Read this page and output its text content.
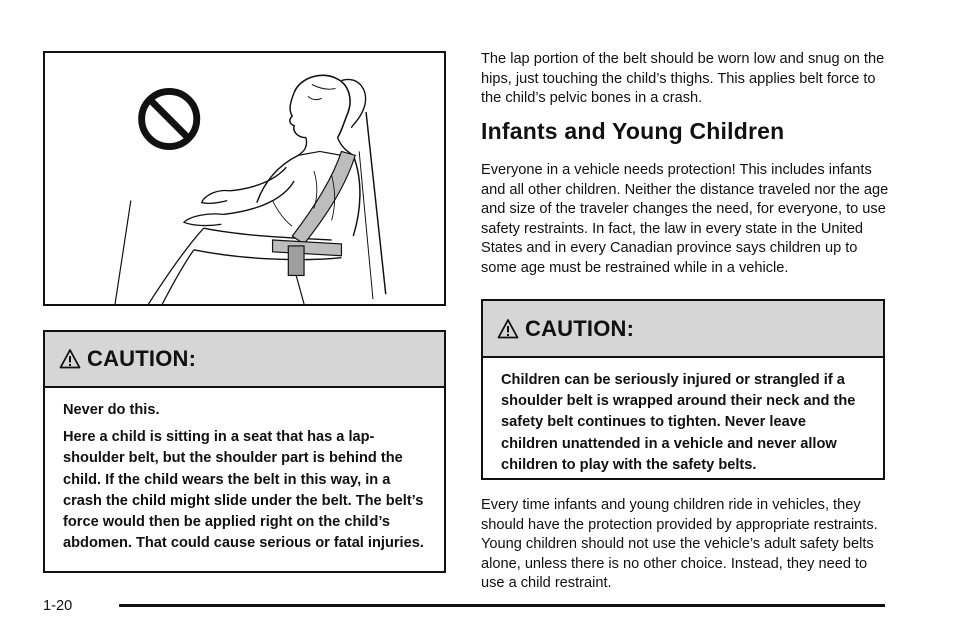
CAUTION:

Never do this.

Here a child is sitting in a seat that has a lap-shoulder belt, but the shoulder part is behind the child. If the child wears the belt in this way, in a crash the child might slide under the belt. The belt’s force would then be applied right on the child’s abdomen. That could cause serious or fatal injuries.

The lap portion of the belt should be worn low and snug on the hips, just touching the child’s thighs. This applies belt force to the child’s pelvic bones in a crash.

Infants and Young Children

Everyone in a vehicle needs protection! This includes infants and all other children. Neither the distance traveled nor the age and size of the traveler changes the need, for everyone, to use safety restraints. In fact, the law in every state in the United States and in every Canadian province says children up to some age must be restrained while in a vehicle.

CAUTION:

Children can be seriously injured or strangled if a shoulder belt is wrapped around their neck and the safety belt continues to tighten. Never leave children unattended in a vehicle and never allow children to play with the safety belts.

Every time infants and young children ride in vehicles, they should have the protection provided by appropriate restraints. Young children should not use the vehicle’s adult safety belts alone, unless there is no other choice. Instead, they need to use a child restraint.

1-20
